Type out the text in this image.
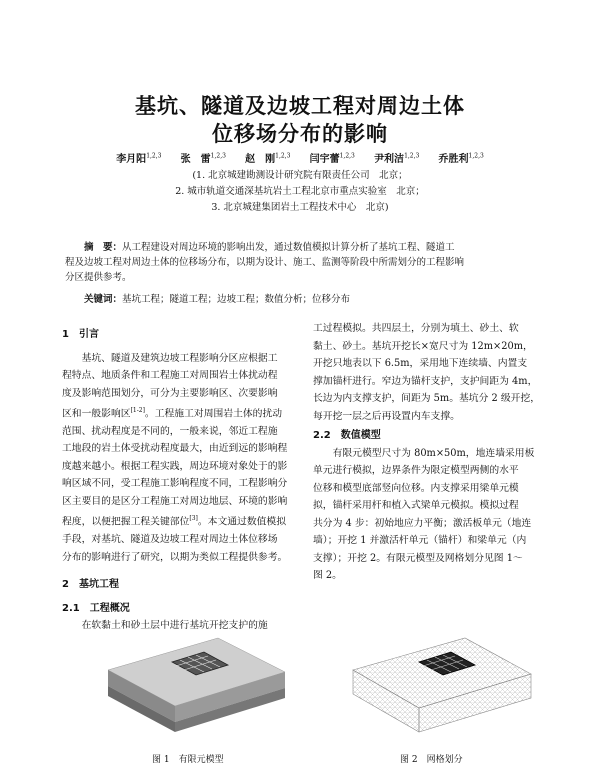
基坑、隧道及边坡工程对周边土体
位移场分布的影响
李月阳$^{1,2,3}$ 张　雷$^{1,2,3}$ 赵　刚$^{1,2,3}$ 闫宇蕾$^{1,2,3}$ 尹利洁$^{1,2,3}$ 乔胜利$^{1,2,3}$
(1. 北京城建勘测设计研究院有限责任公司　北京；
2. 城市轨道交通深基坑岩土工程北京市重点实验室　北京；
3. 北京城建集团岩土工程技术中心　北京)
摘　要：从工程建设对周边环境的影响出发，通过数值模拟计算分析了基坑工程、隧道工
程及边坡工程对周边土体的位移场分布，以期为设计、施工、监测等阶段中所需划分的工程影响
分区提供参考。
关键词：基坑工程；隧道工程；边坡工程；数值分析；位移分布
1　引言

基坑、隧道及建筑边坡工程影响分区应根据工

程特点、地质条件和工程施工对周围岩土体扰动程
度及影响范围划分，可分为主要影响区、次要影响
区和一般影响区[1-2]。工程施工对周围岩土体的扰动
范围、扰动程度是不同的，一般来说，邻近工程施
工地段的岩土体受扰动程度最大，由近到远的影响程
度越来越小。根据工程实践，周边环境对象处于的影
响区域不同，受工程施工影响程度不同，工程影响分
区主要目的是区分工程施工对周边地层、环境的影响
程度，以便把握工程关键部位[3]。本文通过数值模拟
手段，对基坑、隧道及边坡工程对周边土体位移场
分布的影响进行了研究，以期为类似工程提供参考。
2　基坑工程
2.1　工程概况

在软黏土和砂土层中进行基坑开挖支护的施

工过程模拟。共四层土，分别为填土、砂土、软
黏土、砂土。基坑开挖长×宽尺寸为 12m×20m，
开挖只地表以下 6.5m，采用地下连续墙、内置支
撑加锚杆进行。窄边为锚杆支护，支护间距为 4m，
长边为内支撑支护，间距为 5m。基坑分 2 级开挖，
每开挖一层之后再设置内车支撑。
2.2　数值模型

有限元模型尺寸为 80m×50m，地连墙采用板

单元进行模拟，边界条件为限定模型两侧的水平
位移和模型底部竖向位移。内支撑采用梁单元模
拟，锚杆采用杆和植入式梁单元模拟。模拟过程
共分为 4 步：初始地应力平衡；激活板单元（地连
墙）；开挖 1 并激活杆单元（锚杆）和梁单元（内
支撑）；开挖 2。有限元模型及网格划分见图 1～
图 2。
图 1　有限元模型	图 2　网格划分
